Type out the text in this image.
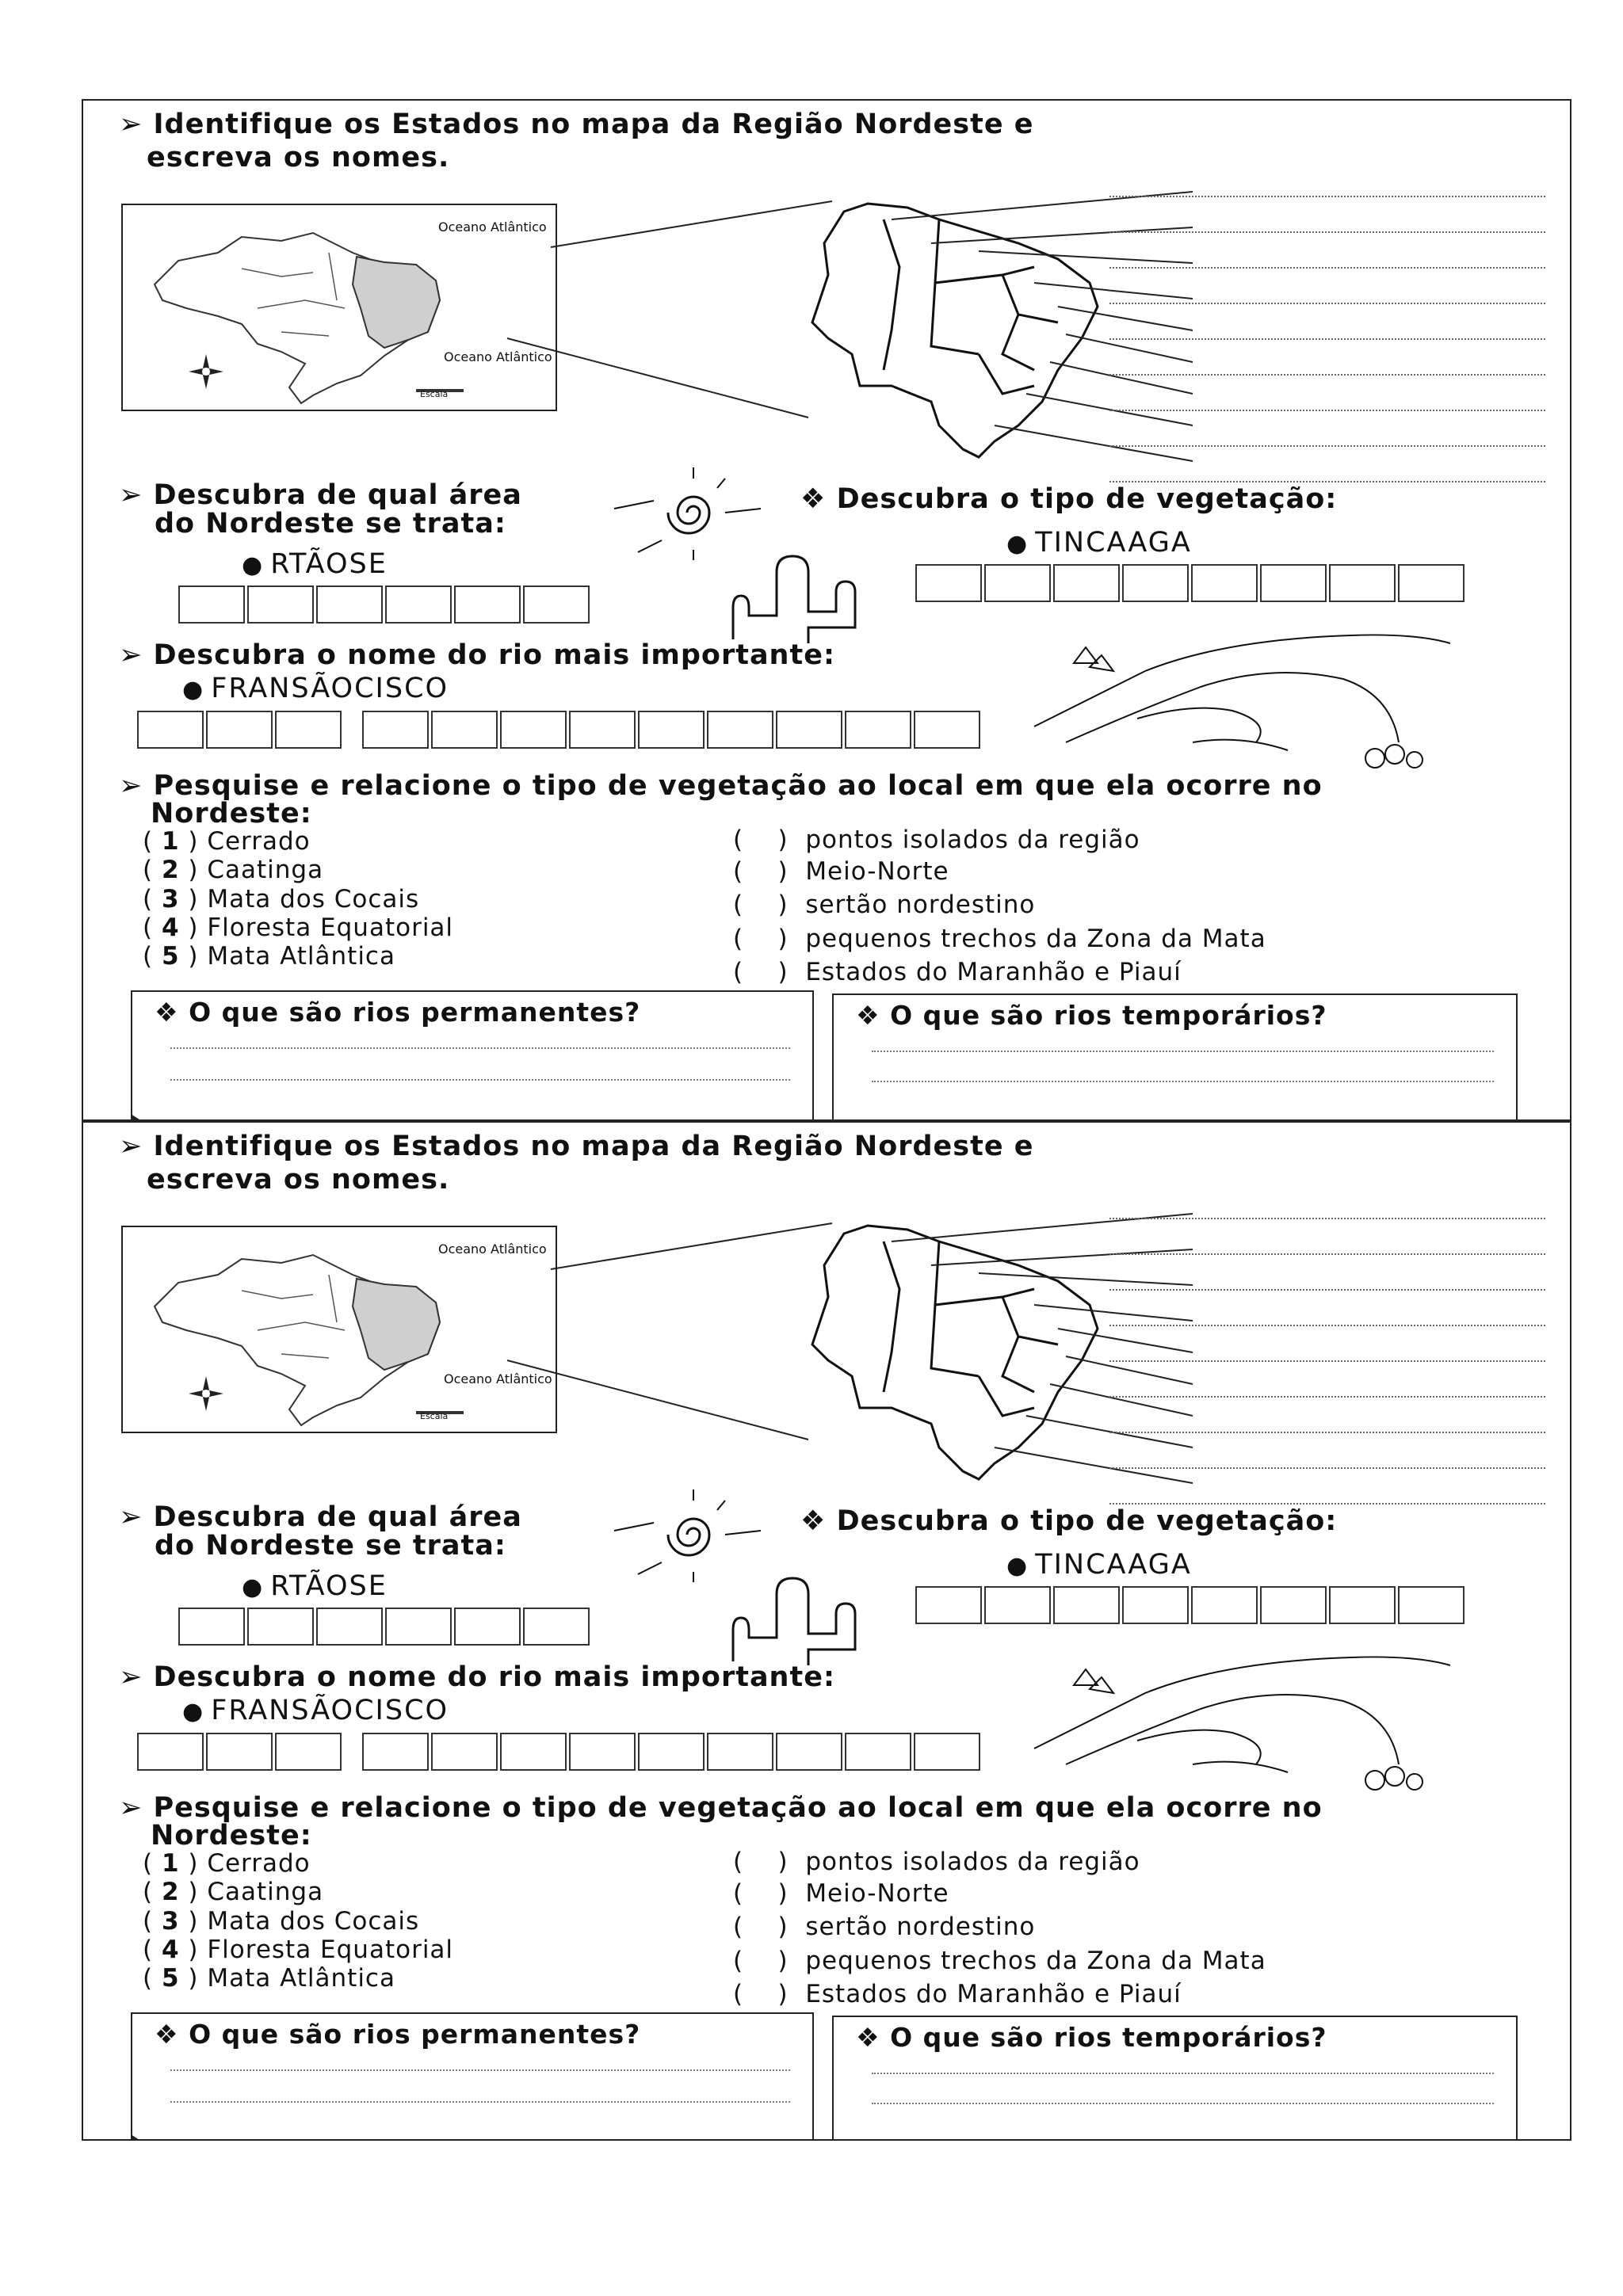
➢ Identifique os Estados no mapa da Região Nordeste e
escreva os nomes.
Oceano Atlântico
Oceano Atlântico
Escala
➢ Descubra de qual área
do Nordeste se trata:
● RTÃOSE
❖ Descubra o tipo de vegetação:
● TINCAAGA
➢ Descubra o nome do rio mais importante:
● FRANSÃOCISCO
➢ Pesquise e relacione o tipo de vegetação ao local em que ela ocorre no
Nordeste:
( 1 ) Cerrado
( 2 ) Caatinga
( 3 ) Mata dos Cocais
( 4 ) Floresta Equatorial
( 5 ) Mata Atlântica
(    )  pontos isolados da região
(    )  Meio-Norte
(    )  sertão nordestino
(    )  pequenos trechos da Zona da Mata
(    )  Estados do Maranhão e Piauí
❖ O que são rios permanentes?	❖ O que são rios temporários?
➢ Identifique os Estados no mapa da Região Nordeste e
escreva os nomes.
Oceano Atlântico
Oceano Atlântico
Escala
➢ Descubra de qual área
do Nordeste se trata:
● RTÃOSE
❖ Descubra o tipo de vegetação:
● TINCAAGA
➢ Descubra o nome do rio mais importante:
● FRANSÃOCISCO
➢ Pesquise e relacione o tipo de vegetação ao local em que ela ocorre no
Nordeste:
( 1 ) Cerrado
( 2 ) Caatinga
( 3 ) Mata dos Cocais
( 4 ) Floresta Equatorial
( 5 ) Mata Atlântica
(    )  pontos isolados da região
(    )  Meio-Norte
(    )  sertão nordestino
(    )  pequenos trechos da Zona da Mata
(    )  Estados do Maranhão e Piauí
❖ O que são rios permanentes?	❖ O que são rios temporários?
